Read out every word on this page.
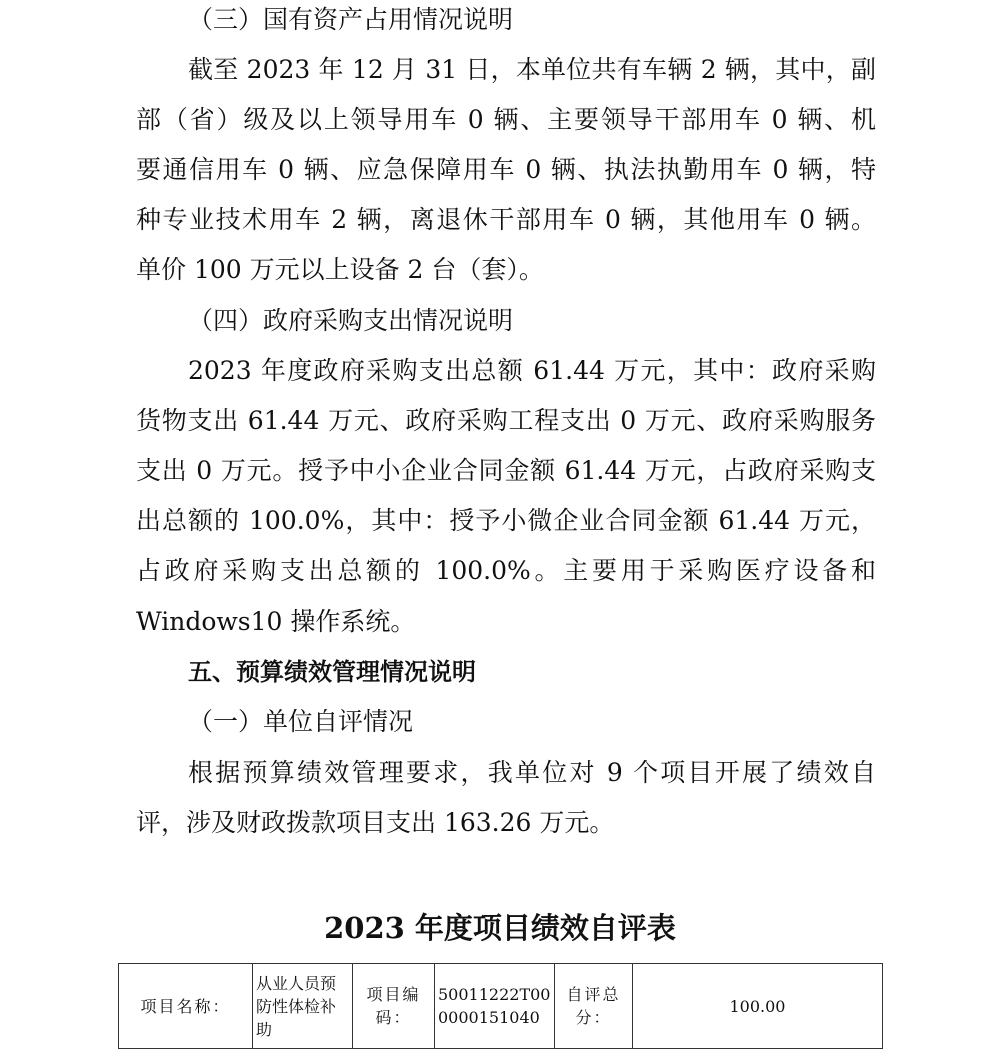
（三）国有资产占用情况说明
截至 2023 年 12 月 31 日，本单位共有车辆 2 辆，其中，副
部（省）级及以上领导用车 0 辆、主要领导干部用车 0 辆、机
要通信用车 0 辆、应急保障用车 0 辆、执法执勤用车 0 辆，特
种专业技术用车 2 辆，离退休干部用车 0 辆，其他用车 0 辆。
单价 100 万元以上设备 2 台（套）。
（四）政府采购支出情况说明
2023 年度政府采购支出总额 61.44 万元，其中：政府采购
货物支出 61.44 万元、政府采购工程支出 0 万元、政府采购服务
支出 0 万元。授予中小企业合同金额 61.44 万元，占政府采购支
出总额的 100.0%，其中：授予小微企业合同金额 61.44 万元，
占政府采购支出总额的 100.0%。主要用于采购医疗设备和
Windows10 操作系统。
五、预算绩效管理情况说明
（一）单位自评情况
根据预算绩效管理要求，我单位对 9 个项目开展了绩效自
评，涉及财政拨款项目支出 163.26 万元。
2023 年度项目绩效自评表
项目名称：	从业人员预防性体检补助	项目编码：	50011222T000000151040	自评总分：	100.00
